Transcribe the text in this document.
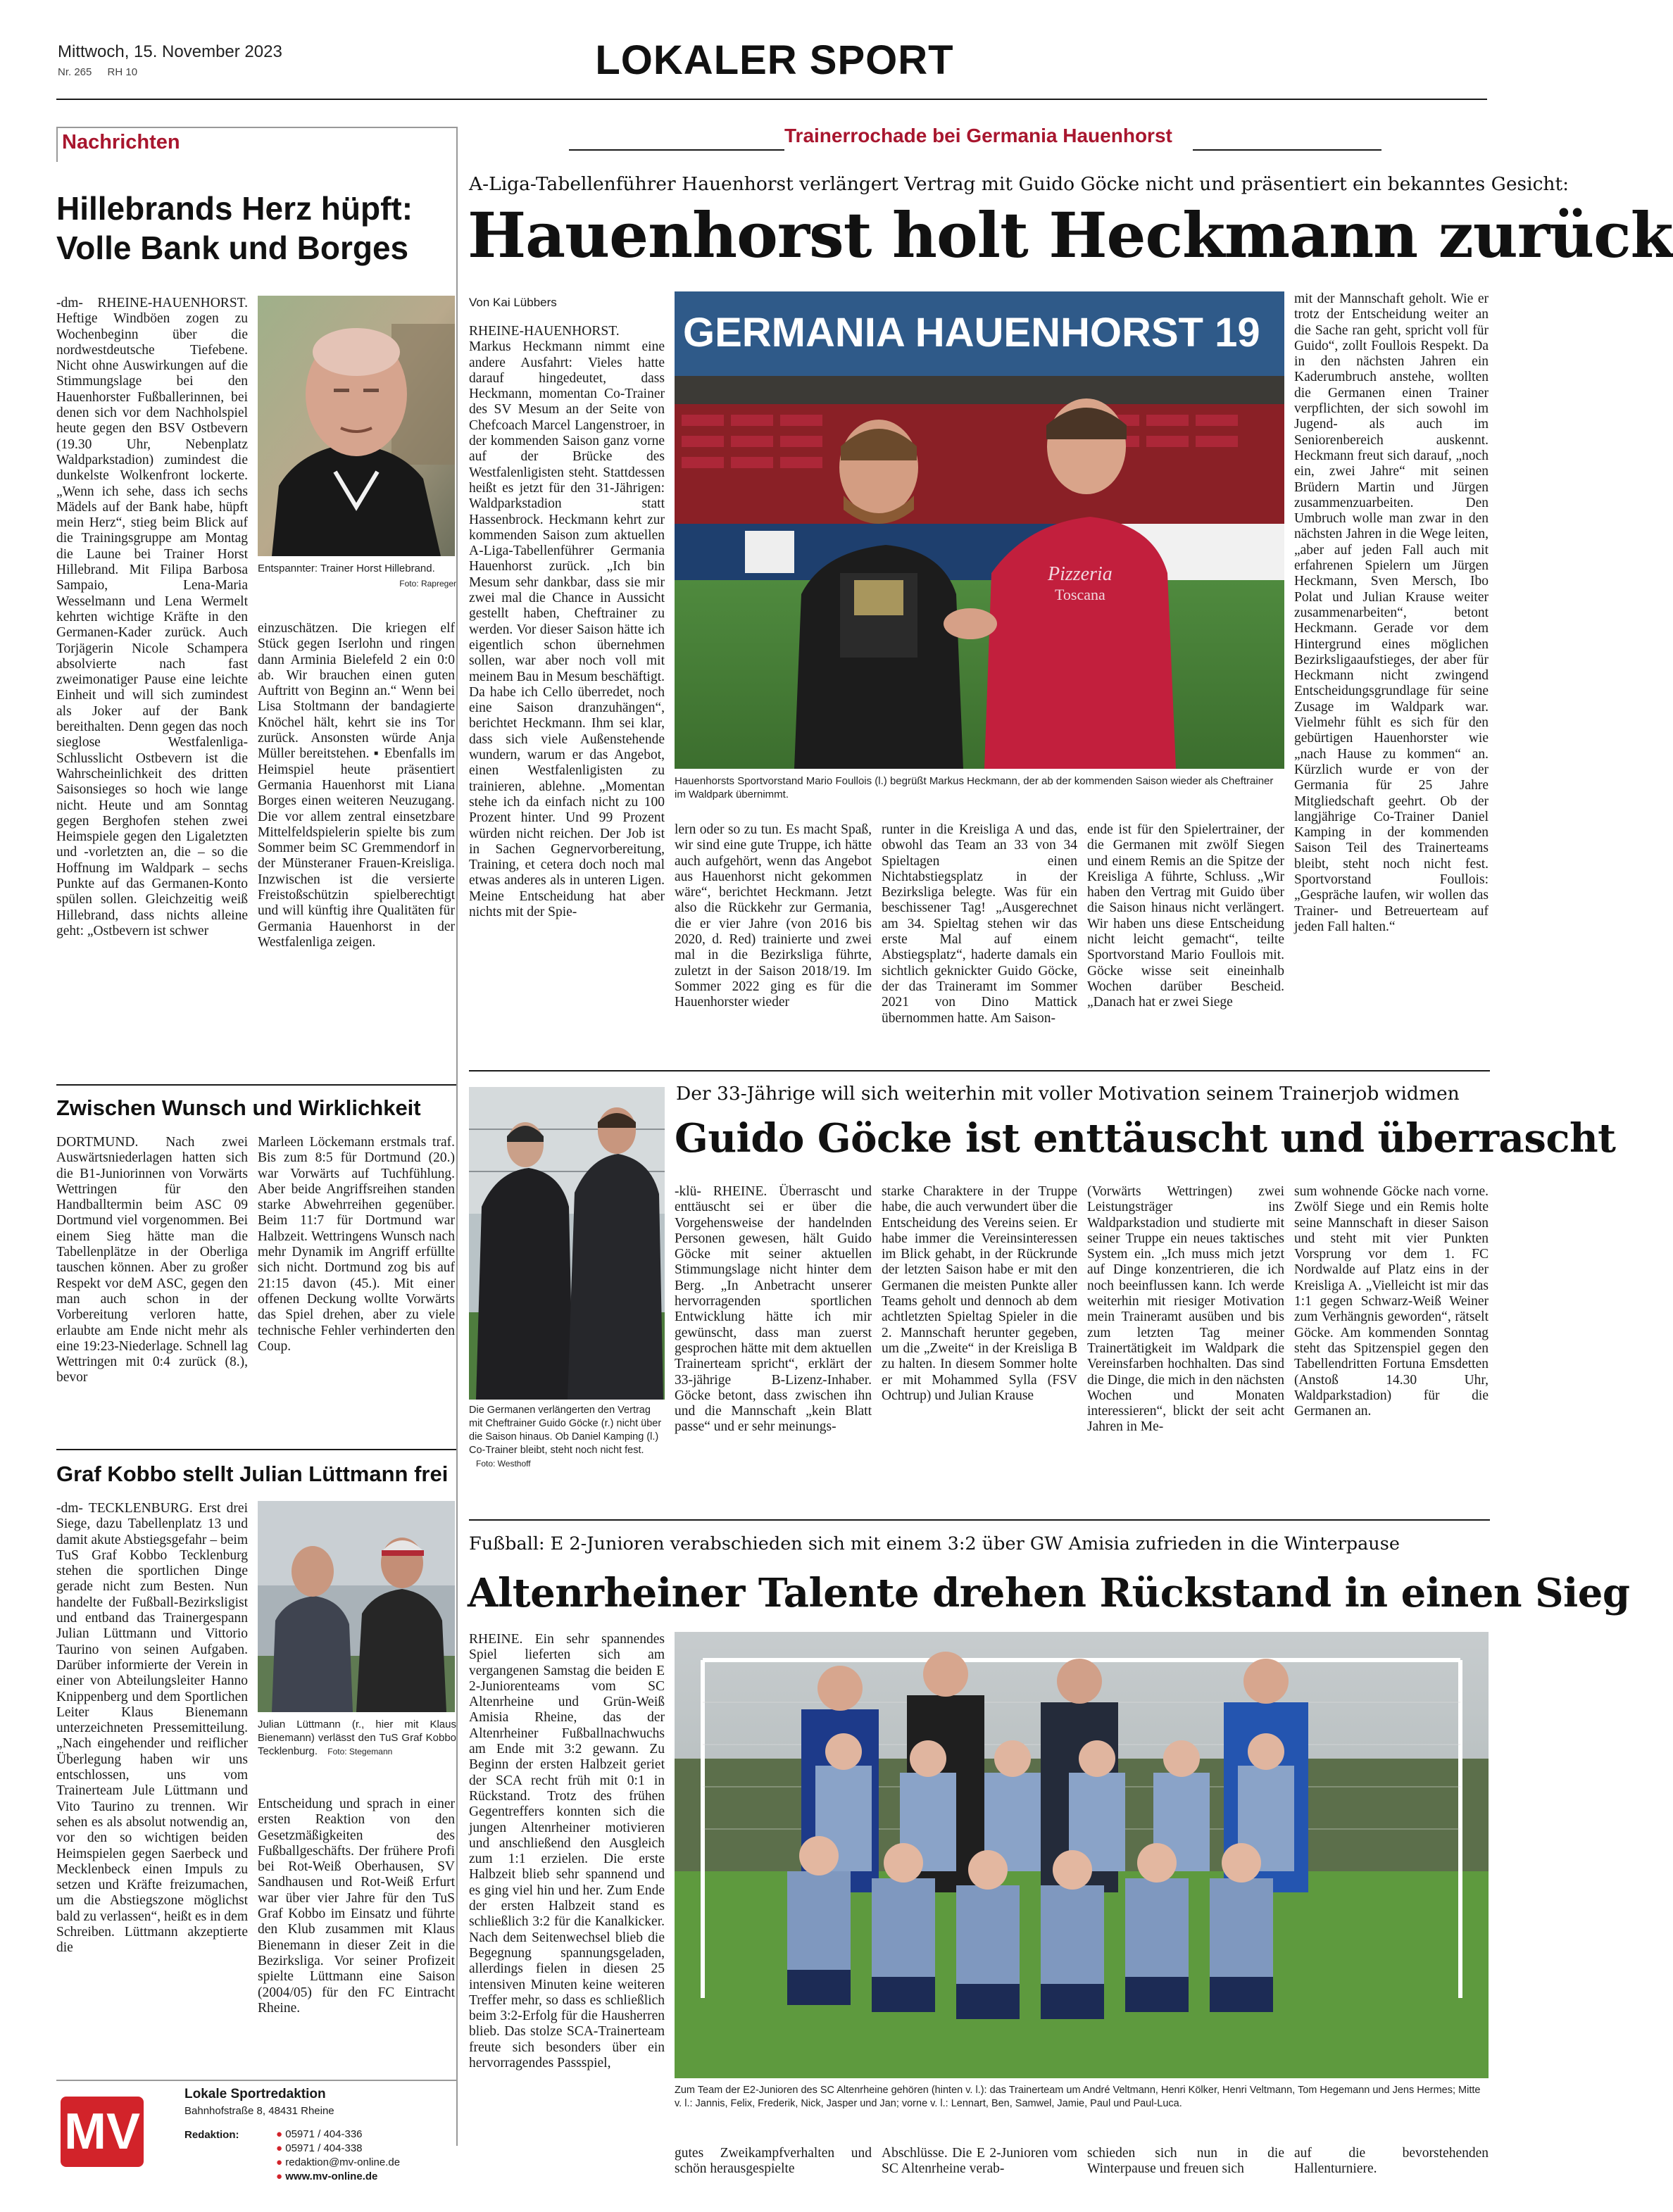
Mittwoch, 15. November 2023
Nr. 265 RH 10	LOKALER SPORT
Nachrichten
Hillebrands Herz hüpft:
Volle Bank und Borges
-dm- RHEINE-HAUENHORST. Heftige Windböen zogen zu Wochenbeginn über die nordwestdeutsche Tiefebene. Nicht ohne Auswirkungen auf die Stimmungslage bei den Hauenhorster Fußballerinnen, bei denen sich vor dem Nachholspiel heute gegen den BSV Ostbevern (19.30 Uhr, Nebenplatz Waldparkstadion) zumindest die dunkelste Wolkenfront lockerte. „Wenn ich sehe, dass ich sechs Mädels auf der Bank habe, hüpft mein Herz“, stieg beim Blick auf die Trainingsgruppe am Montag die Laune bei Trainer Horst Hillebrand. Mit Filipa Barbosa Sampaio, Lena-Maria Wesselmann und Lena Wermelt kehrten wichtige Kräfte in den Germanen-Kader zurück. Auch Torjägerin Nicole Schampera absolvierte nach fast zweimonatiger Pause eine leichte Einheit und will sich zumindest als Joker auf der Bank bereithalten. Denn gegen das noch sieglose Westfalenliga-Schlusslicht Ostbevern ist die Wahrscheinlichkeit des dritten Saisonsieges so hoch wie lange nicht. Heute und am Sonntag gegen Berghofen stehen zwei Heimspiele gegen den Ligaletzten und -vorletzten an, die – so die Hoffnung im Waldpark – sechs Punkte auf das Germanen-Konto spülen sollen. Gleichzeitig weiß Hillebrand, dass nichts alleine geht: „Ostbevern ist schwer
Entspannter: Trainer Horst Hillebrand.
Foto: Rapreger
einzuschätzen. Die kriegen elf Stück gegen Iserlohn und ringen dann Arminia Bielefeld 2 ein 0:0 ab. Wir brauchen einen guten Auftritt von Beginn an.“ Wenn bei Lisa Stoltmann der bandagierte Knöchel hält, kehrt sie ins Tor zurück. Ansonsten würde Anja Müller bereitstehen. ▪ Ebenfalls im Heimspiel heute präsentiert Germania Hauenhorst mit Liana Borges einen weiteren Neuzugang. Die vor allem zentral einsetzbare Mittelfeldspielerin spielte bis zum Sommer beim SC Gremmendorf in der Münsteraner Frauen-Kreisliga. Inzwischen ist die versierte Freistoßschützin spielberechtigt und will künftig ihre Qualitäten für Germania Hauenhorst in der Westfalenliga zeigen.
Zwischen Wunsch und Wirklichkeit
DORTMUND. Nach zwei Auswärtsniederlagen hatten sich die B1-Juniorinnen von Vorwärts Wettringen für den Handballtermin beim ASC 09 Dortmund viel vorgenommen. Bei einem Sieg hätte man die Tabellenplätze in der Oberliga tauschen können. Aber zu großer Respekt vor deM ASC, gegen den man auch schon in der Vorbereitung verloren hatte, erlaubte am Ende nicht mehr als eine 19:23-Niederlage. Schnell lag Wettringen mit 0:4 zurück (8.), bevor
Marleen Löckemann erstmals traf. Bis zum 8:5 für Dortmund (20.) war Vorwärts auf Tuchfühlung. Aber beide Angriffsreihen standen starke Abwehrreihen gegenüber. Beim 11:7 für Dortmund war Halbzeit. Wettringens Wunsch nach mehr Dynamik im Angriff erfüllte sich nicht. Dortmund zog bis auf 21:15 davon (45.). Mit einer offenen Deckung wollte Vorwärts das Spiel drehen, aber zu viele technische Fehler verhinderten den Coup.
Graf Kobbo stellt Julian Lüttmann frei
-dm- TECKLENBURG. Erst drei Siege, dazu Tabellenplatz 13 und damit akute Abstiegsgefahr – beim TuS Graf Kobbo Tecklenburg stehen die sportlichen Dinge gerade nicht zum Besten. Nun handelte der Fußball-Bezirksligist und entband das Trainergespann Julian Lüttmann und Vittorio Taurino von seinen Aufgaben. Darüber informierte der Verein in einer von Abteilungsleiter Hanno Knippenberg und dem Sportlichen Leiter Klaus Bienemann unterzeichneten Pressemitteilung. „Nach eingehender und reiflicher Überlegung haben wir uns entschlossen, uns vom Trainerteam Jule Lüttmann und Vito Taurino zu trennen. Wir sehen es als absolut notwendig an, vor den so wichtigen beiden Heimspielen gegen Saerbeck und Mecklenbeck einen Impuls zu setzen und Kräfte freizumachen, um die Abstiegszone möglichst bald zu verlassen“, heißt es in dem Schreiben. Lüttmann akzeptierte die
Julian Lüttmann (r., hier mit Klaus Bienemann) verlässt den TuS Graf Kobbo Tecklenburg. Foto: Stegemann
Entscheidung und sprach in einer ersten Reaktion von den Gesetzmäßigkeiten des Fußballgeschäfts. Der frühere Profi bei Rot-Weiß Oberhausen, SV Sandhausen und Rot-Weiß Erfurt war über vier Jahre für den TuS Graf Kobbo im Einsatz und führte den Klub zusammen mit Klaus Bienemann in dieser Zeit in die Bezirksliga. Vor seiner Profizeit spielte Lüttmann eine Saison (2004/05) für den FC Eintracht Rheine.
MV
Lokale Sportredaktion
Bahnhofstraße 8, 48431 Rheine
Redaktion:	● 05971 / 404-336
● 05971 / 404-338
● redaktion@mv-online.de
● www.mv-online.de
Trainerrochade bei Germania Hauenhorst
A-Liga-Tabellenführer Hauenhorst verlängert Vertrag mit Guido Göcke nicht und präsentiert ein bekanntes Gesicht:
Hauenhorst holt Heckmann zurück
Von Kai Lübbers
RHEINE-HAUENHORST. Markus Heckmann nimmt eine andere Ausfahrt: Vieles hatte darauf hingedeutet, dass Heckmann, momentan Co-Trainer des SV Mesum an der Seite von Chefcoach Marcel Langenstroer, in der kommenden Saison ganz vorne auf der Brücke des Westfalenligisten steht. Stattdessen heißt es jetzt für den 31-Jährigen: Waldparkstadion statt Hassenbrock. Heckmann kehrt zur kommenden Saison zum aktuellen A-Liga-Tabellenführer Germania Hauenhorst zurück. „Ich bin Mesum sehr dankbar, dass sie mir zwei mal die Chance in Aussicht gestellt haben, Cheftrainer zu werden. Vor dieser Saison hätte ich eigentlich schon übernehmen sollen, war aber noch voll mit meinem Bau in Mesum beschäftigt. Da habe ich Cello überredet, noch eine Saison dranzuhängen“, berichtet Heckmann. Ihm sei klar, dass sich viele Außenstehende wundern, warum er das Angebot, einen Westfalenligisten zu trainieren, ablehne. „Momentan stehe ich da einfach nicht zu 100 Prozent hinter. Und 99 Prozent würden nicht reichen. Der Job ist in Sachen Gegnervorbereitung, Training, et cetera doch noch mal etwas anderes als in unteren Ligen. Meine Entscheidung hat aber nichts mit der Spie-
GERMANIA HAUENHORST 19
Pizzeria
Toscana
Hauenhorsts Sportvorstand Mario Foullois (l.) begrüßt Markus Heckmann, der ab der kommenden Saison wieder als Cheftrainer im Waldpark übernimmt.
mit der Mannschaft geholt. Wie er trotz der Entscheidung weiter an die Sache ran geht, spricht voll für Guido“, zollt Foullois Respekt. Da in den nächsten Jahren ein Kaderumbruch anstehe, wollten die Germanen einen Trainer verpflichten, der sich sowohl im Jugend- als auch im Seniorenbereich auskennt. Heckmann freut sich darauf, „noch ein, zwei Jahre“ mit seinen Brüdern Martin und Jürgen zusammenzuarbeiten. Den Umbruch wolle man zwar in den nächsten Jahren in die Wege leiten, „aber auf jeden Fall auch mit erfahrenen Spielern um Jürgen Heckmann, Sven Mersch, Ibo Polat und Julian Krause weiter zusammenarbeiten“, betont Heckmann. Gerade vor dem Hintergrund eines möglichen Bezirksligaaufstieges, der aber für Heckmann nicht zwingend Entscheidungsgrundlage für seine Zusage im Waldpark war. Vielmehr fühlt es sich für den gebürtigen Hauenhorster wie „nach Hause zu kommen“ an. Kürzlich wurde er von der Germania für 25 Jahre Mitgliedschaft geehrt. Ob der langjährige Co-Trainer Daniel Kamping in der kommenden Saison Teil des Trainerteams bleibt, steht noch nicht fest. Sportvorstand Foullois: „Gespräche laufen, wir wollen das Trainer- und Betreuerteam auf jeden Fall halten.“
lern oder so zu tun. Es macht Spaß, wir sind eine gute Truppe, ich hätte auch aufgehört, wenn das Angebot aus Hauenhorst nicht gekommen wäre“, berichtet Heckmann. Jetzt also die Rückkehr zur Germania, die er vier Jahre (von 2016 bis 2020, d. Red) trainierte und zwei mal in die Bezirksliga führte, zuletzt in der Saison 2018/19. Im Sommer 2022 ging es für die Hauenhorster wieder
runter in die Kreisliga A und das, obwohl das Team an 33 von 34 Spieltagen einen Nichtabstiegsplatz in der Bezirksliga belegte. Was für ein beschissener Tag! „Ausgerechnet am 34. Spieltag stehen wir das erste Mal auf einem Abstiegsplatz“, haderte damals ein sichtlich geknickter Guido Göcke, der das Traineramt im Sommer 2021 von Dino Mattick übernommen hatte. Am Saison-
ende ist für den Spielertrainer, der die Germanen mit zwölf Siegen und einem Remis an die Spitze der Kreisliga A führte, Schluss. „Wir haben den Vertrag mit Guido über die Saison hinaus nicht verlängert. Wir haben uns diese Entscheidung nicht leicht gemacht“, teilte Sportvorstand Mario Foullois mit. Göcke wisse seit eineinhalb Wochen darüber Bescheid. „Danach hat er zwei Siege
Die Germanen verlängerten den Vertrag mit Cheftrainer Guido Göcke (r.) nicht über die Saison hinaus. Ob Daniel Kamping (l.) Co-Trainer bleibt, steht noch nicht fest. Foto: Westhoff
Der 33-Jährige will sich weiterhin mit voller Motivation seinem Trainerjob widmen
Guido Göcke ist enttäuscht und überrascht
-klü- RHEINE. Überrascht und enttäuscht sei er über die Vorgehensweise der handelnden Personen gewesen, hält Guido Göcke mit seiner aktuellen Stimmungslage nicht hinter dem Berg. „In Anbetracht unserer hervorragenden sportlichen Entwicklung hätte ich mir gewünscht, dass man zuerst gesprochen hätte mit dem aktuellen Trainerteam spricht“, erklärt der 33-jährige B-Lizenz-Inhaber. Göcke betont, dass zwischen ihn und die Mannschaft „kein Blatt passe“ und er sehr meinungs-
starke Charaktere in der Truppe habe, die auch verwundert über die Entscheidung des Vereins seien. Er habe immer die Vereinsinteressen im Blick gehabt, in der Rückrunde der letzten Saison habe er mit den Germanen die meisten Punkte aller Teams geholt und dennoch ab dem achtletzten Spieltag Spieler in die 2. Mannschaft herunter gegeben, um die „Zweite“ in der Kreisliga B zu halten. In diesem Sommer holte er mit Mohammed Sylla (FSV Ochtrup) und Julian Krause
(Vorwärts Wettringen) zwei Leistungsträger ins Waldparkstadion und studierte mit seiner Truppe ein neues taktisches System ein. „Ich muss mich jetzt auf Dinge konzentrieren, die ich noch beeinflussen kann. Ich werde weiterhin mit riesiger Motivation mein Traineramt ausüben und bis zum letzten Tag meiner Trainertätigkeit im Waldpark die Vereinsfarben hochhalten. Das sind die Dinge, die mich in den nächsten Wochen und Monaten interessieren“, blickt der seit acht Jahren in Me-
sum wohnende Göcke nach vorne. Zwölf Siege und ein Remis holte seine Mannschaft in dieser Saison und steht mit vier Punkten Vorsprung vor dem 1. FC Nordwalde auf Platz eins in der Kreisliga A. „Vielleicht ist mir das 1:1 gegen Schwarz-Weiß Weiner zum Verhängnis geworden“, rätselt Göcke. Am kommenden Sonntag steht das Spitzenspiel gegen den Tabellendritten Fortuna Emsdetten (Anstoß 14.30 Uhr, Waldparkstadion) für die Germanen an.
Fußball: E 2-Junioren verabschieden sich mit einem 3:2 über GW Amisia zufrieden in die Winterpause
Altenrheiner Talente drehen Rückstand in einen Sieg
RHEINE. Ein sehr spannendes Spiel lieferten sich am vergangenen Samstag die beiden E 2-Juniorenteams vom SC Altenrheine und Grün-Weiß Amisia Rheine, das der Altenrheiner Fußballnachwuchs am Ende mit 3:2 gewann. Zu Beginn der ersten Halbzeit geriet der SCA recht früh mit 0:1 in Rückstand. Trotz des frühen Gegentreffers konnten sich die jungen Altenrheiner motivieren und anschließend den Ausgleich zum 1:1 erzielen. Die erste Halbzeit blieb sehr spannend und es ging viel hin und her. Zum Ende der ersten Halbzeit stand es schließlich 3:2 für die Kanalkicker. Nach dem Seitenwechsel blieb die Begegnung spannungsgeladen, allerdings fielen in diesen 25 intensiven Minuten keine weiteren Treffer mehr, so dass es schließlich beim 3:2-Erfolg für die Hausherren blieb. Das stolze SCA-Trainerteam freute sich besonders über ein hervorragendes Passspiel,
Zum Team der E2-Junioren des SC Altenrheine gehören (hinten v. l.): das Trainerteam um André Veltmann, Henri Kölker, Henri Veltmann, Tom Hegemann und Jens Hermes; Mitte v. l.: Jannis, Felix, Frederik, Nick, Jasper und Jan; vorne v. l.: Lennart, Ben, Samwel, Jamie, Paul und Paul-Luca.
gutes Zweikampfverhalten und schön herausgespielte
Abschlüsse. Die E 2-Junioren vom SC Altenrheine verab-
schieden sich nun in die Winterpause und freuen sich
auf die bevorstehenden Hallenturniere.
